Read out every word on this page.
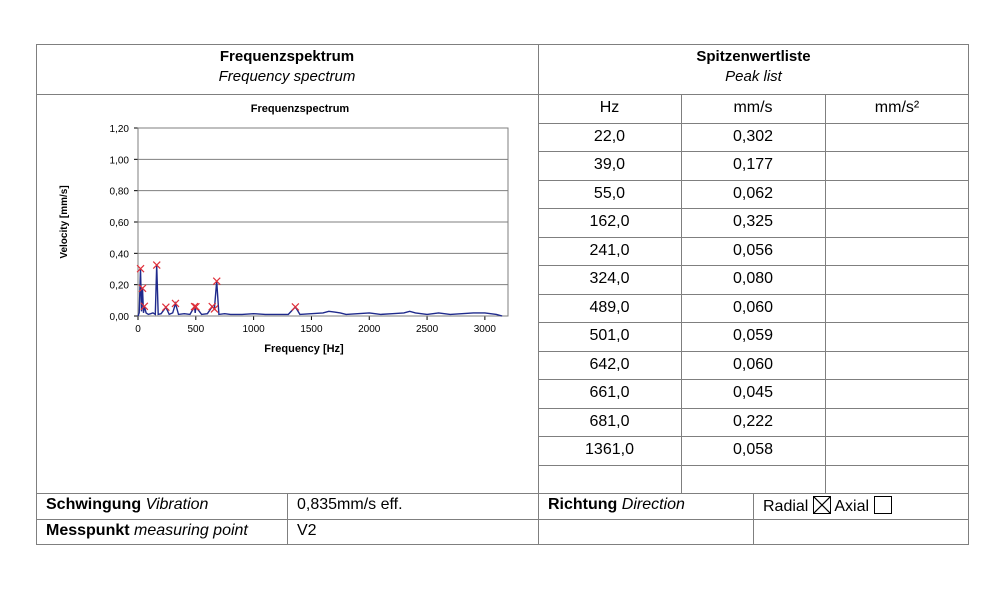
Frequenzspektrum
Frequency spectrum
Spitzenwertliste
Peak list
Hz	mm/s	mm/s²
22,0	0,302
39,0	0,177
55,0	0,062
162,0	0,325
241,0	0,056
324,0	0,080
489,0	0,060
501,0	0,059
642,0	0,060
661,0	0,045
681,0	0,222
1361,0	0,058
Frequenzspectrum
0,00
0,20
0,40
0,60
0,80
1,00
1,20
0	500	1000	1500	2000	2500	3000
Frequency [Hz]
Velocity [mm/s]
Schwingung Vibration	0,835mm/s eff.	Richtung Direction	Radial Axial
Messpunkt measuring point	V2
